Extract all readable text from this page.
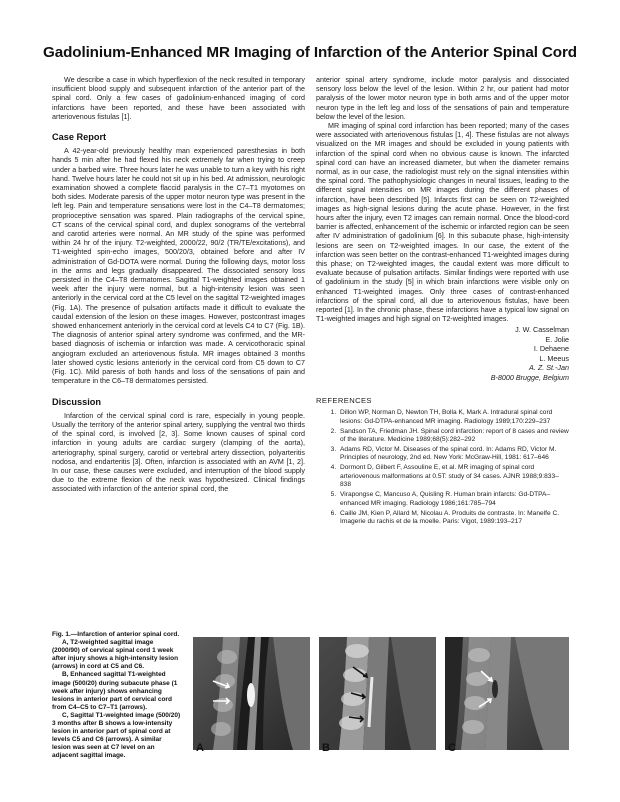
Gadolinium-Enhanced MR Imaging of Infarction of the Anterior Spinal Cord

We describe a case in which hyperflexion of the neck resulted in temporary insufficient blood supply and subsequent infarction of the anterior part of the spinal cord. Only a few cases of gadolinium-enhanced imaging of cord infarctions have been reported, and these have been associated with arteriovenous fistulas [1].

Case Report

A 42-year-old previously healthy man experienced paresthesias in both hands 5 min after he had flexed his neck extremely far when trying to creep under a barbed wire. Three hours later he was unable to turn a key with his right hand. Twelve hours later he could not sit up in his bed. At admission, neurologic examination showed a complete flaccid paralysis in the C7–T1 myotomes on both sides. Moderate paresis of the upper motor neuron type was present in the left leg. Pain and temperature sensations were lost in the C4–T8 dermatomes; proprioceptive sensation was spared. Plain radiographs of the cervical spine, CT scans of the cervical spinal cord, and duplex sonograms of the vertebrral and carotid arteries were normal. An MR study of the spine was performed within 24 hr of the injury. T2-weighted, 2000/22, 90/2 (TR/TE/excitations), and T1-weighted spin-echo images, 500/20/3, obtained before and after IV administration of Gd-DOTA were normal. During the following days, motor loss in the arms and legs gradually disappeared. The dissociated sensory loss persisted in the C4–T8 dermatomes. Sagittal T1-weighted images obtained 1 week after the injury were normal, but a high-intensity lesion was seen anteriorly in the cervical cord at the C5 level on the sagittal T2-weighted images (Fig. 1A). The presence of pulsation artifacts made it difficult to evaluate the caudal extension of the lesion on these images. However, postcontrast images showed enhancement anteriorly in the cervical cord at levels C4 to C7 (Fig. 1B). The diagnosis of anterior spinal artery syndrome was confirmed, and the MR-based diagnosis of ischemia or infarction was made. A cervicothoracic spinal angiogram excluded an arteriovenous fistula. MR images obtained 3 months later showed cystic lesions anteriorly in the cervical cord from C5 down to C7 (Fig. 1C). Mild paresis of both hands and loss of the sensations of pain and temperature in the C6–T8 dermatomes persisted.

Discussion

Infarction of the cervical spinal cord is rare, especially in young people. Usually the territory of the anterior spinal artery, supplying the ventral two thirds of the spinal cord, is involved [2, 3]. Some known causes of spinal cord infarction in young adults are cardiac surgery (clamping of the aorta), arteriography, spinal surgery, carotid or vertebral artery dissection, polyarteritis nodosa, and endarteritis [3]. Often, infarction is associated with an AVM [1, 2]. In our case, these causes were excluded, and interruption of the blood supply due to the extreme flexion of the neck was hypothesized. Clinical findings associated with infarction of the anterior spinal cord, the

anterior spinal artery syndrome, include motor paralysis and dissociated sensory loss below the level of the lesion. Within 2 hr, our patient had motor paralysis of the lower motor neuron type in both arms and of the upper motor neuron type in the left leg and loss of the sensations of pain and temperature below the level of the lesion.

MR imaging of spinal cord infarction has been reported; many of the cases were associated with arteriovenous fistulas [1, 4]. These fistulas are not always visualized on the MR images and should be excluded in young patients with infarction of the spinal cord when no obvious cause is known. The infarcted spinal cord can have an increased diameter, but when the diameter remains normal, as in our case, the radiologist must rely on the signal intensities within the spinal cord. The pathophysiologic changes in neural tissues, leading to the different signal intensities on MR images during the different phases of infarction, have been described [5]. Infarcts first can be seen on T2-weighted images as high-signal lesions during the acute phase. However, in the first hours after the injury, even T2 images can remain normal. Once the blood-cord barrier is affected, enhancement of the ischemic or infarcted region can be seen after IV administration of gadolinium [6]. In this subacute phase, high-intensity lesions are seen on T2-weighted images. In our case, the extent of the infarction was seen better on the contrast-enhanced T1-weighted images during this phase; on T2-weighted images, the caudal extent was more difficult to evaluate because of pulsation artifacts. Similar findings were reported with use of gadolinium in the study [5] in which brain infarctions were visible only on enhanced T1-weighted images. Only three cases of contrast-enhanced infarctions of the spinal cord, all due to arteriovenous fistulas, have been reported [1]. In the chronic phase, these infarctions have a typical low signal on T1-weighted images and high signal on T2-weighted images.

J. W. Casselman
E. Jolie
I. Dehaene
L. Meeus
A. Z. St.-Jan
B-8000 Brugge, Belgium
REFERENCES
1. Dillon WP, Norman D, Newton TH, Bolla K, Mark A. Intradural spinal cord lesions: Gd-DTPA-enhanced MR imaging. Radiology 1989;170:229–237
2. Sandson TA, Friedman JH. Spinal cord infarction: report of 8 cases and review of the literature. Medicine 1989;68(5):282–292
3. Adams RD, Victor M. Diseases of the spinal cord. In: Adams RD, Victor M. Principles of neurology, 2nd ed. New York: McGraw-Hill, 1981: 617–646
4. Dormont D, Gilbert F, Assouline E, et al. MR imaging of spinal cord arteriovenous malformations at 0.5T: study of 34 cases. AJNR 1988;9:833–838
5. Virapongse C, Mancuso A, Quisling R. Human brain infarcts: Gd-DTPA–enhanced MR imaging. Radiology 1986;161:785–794
6. Caille JM, Kien P, Allard M, Nicolau A. Produits de contraste. In: Manelfe C. Imagerie du rachis et de la moelle. Paris: Vigot, 1989:193–217

Fig. 1.—Infarction of anterior spinal cord.

A, T2-weighted sagittal image (2000/90) of cervical spinal cord 1 week after injury shows a high-intensity lesion (arrows) in cord at C5 and C6.

B, Enhanced sagittal T1-weighted image (500/20) during subacute phase (1 week after injury) shows enhancing lesions in anterior part of cervical cord from C4–C5 to C7–T1 (arrows).

C, Sagittal T1-weighted image (500/20) 3 months after B shows a low-intensity lesion in anterior part of spinal cord at levels C5 and C6 (arrows). A similar lesion was seen at C7 level on an adjacent sagittal image.

A	B	C
